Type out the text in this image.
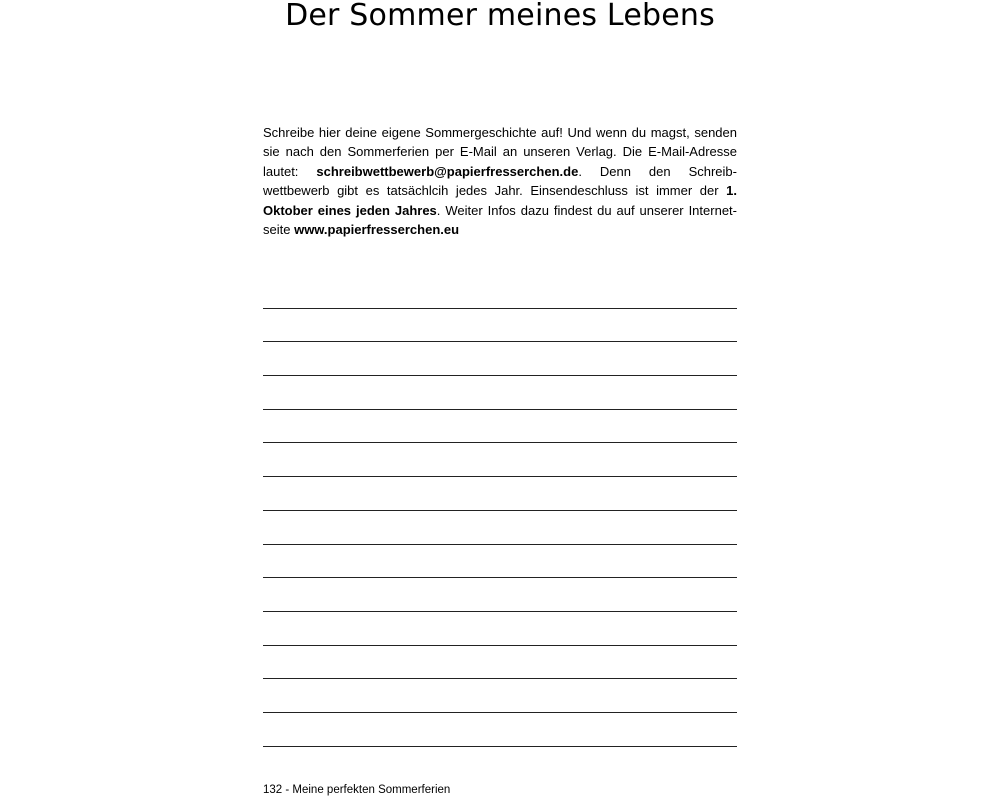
Der Sommer meines Lebens
Schreibe hier deine eigene Sommergeschichte auf! Und wenn du magst, senden sie nach den Sommerferien per E-Mail an unseren Verlag. Die E-Mail-Adresse lautet: schreibwettbewerb@papierfresserchen.de. Denn den Schreibwettbewerb gibt es tatsächlcih jedes Jahr. Einsendeschluss ist immer der 1. Oktober eines jeden Jahres. Weiter Infos dazu findest du auf unserer Internetseite www.papierfresserchen.eu
132 - Meine perfekten Sommerferien
